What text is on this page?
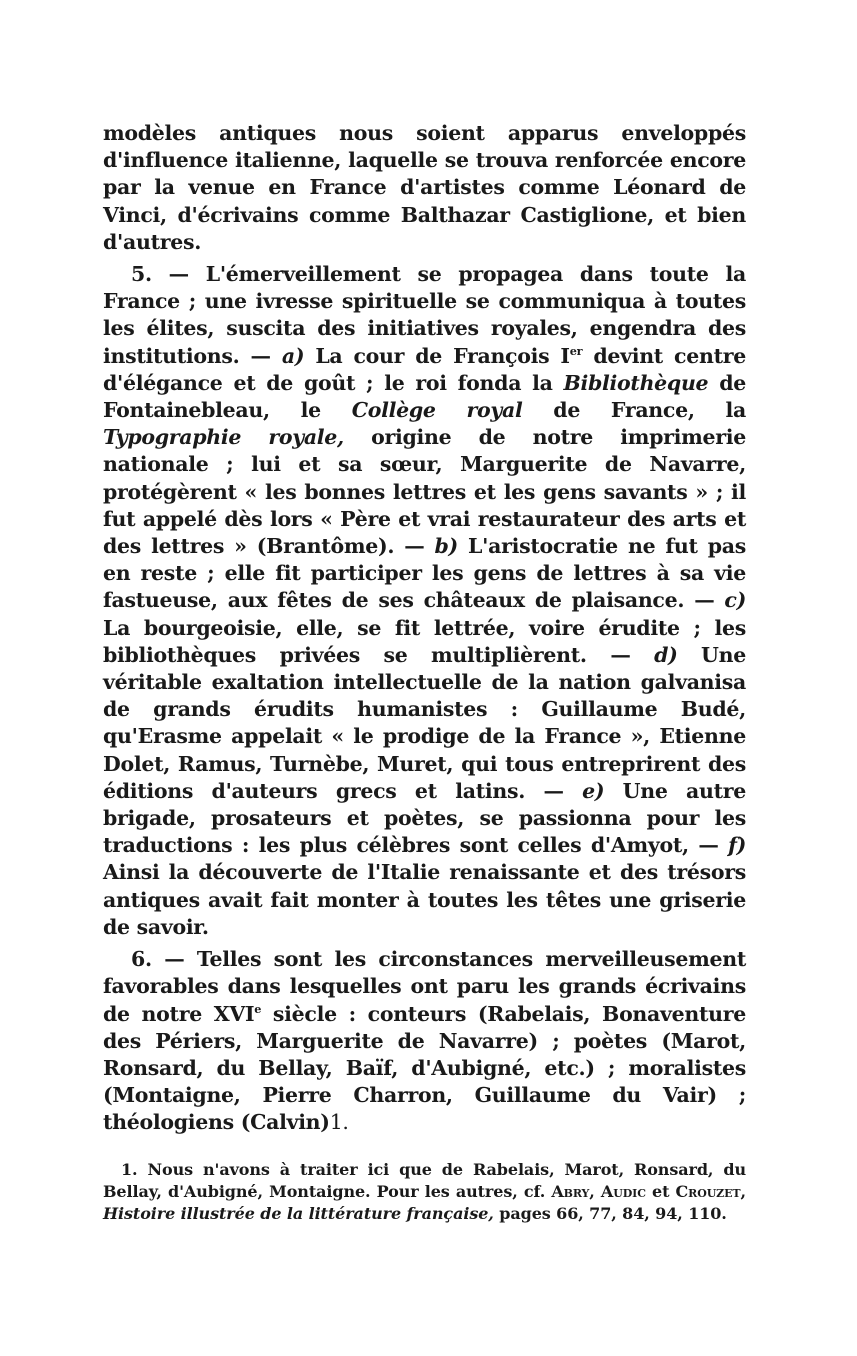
modèles antiques nous soient apparus enveloppés d'influence italienne, laquelle se trouva renforcée encore par la venue en France d'artistes comme Léonard de Vinci, d'écrivains comme Balthazar Castiglione, et bien d'autres.

5. — L'émerveillement se propagea dans toute la France ; une ivresse spirituelle se communiqua à toutes les élites, suscita des initiatives royales, engendra des institutions. — a) La cour de François Ier devint centre d'élégance et de goût ; le roi fonda la Bibliothèque de Fontainebleau, le Collège royal de France, la Typographie royale, origine de notre imprimerie nationale ; lui et sa sœur, Marguerite de Navarre, protégèrent « les bonnes lettres et les gens savants » ; il fut appelé dès lors « Père et vrai restaurateur des arts et des lettres » (Brantôme). — b) L'aristocratie ne fut pas en reste ; elle fit participer les gens de lettres à sa vie fastueuse, aux fêtes de ses châteaux de plaisance. — c) La bourgeoisie, elle, se fit lettrée, voire érudite ; les bibliothèques privées se multiplièrent. — d) Une véritable exaltation intellectuelle de la nation galvanisa de grands érudits humanistes : Guillaume Budé, qu'Erasme appelait « le prodige de la France », Etienne Dolet, Ramus, Turnèbe, Muret, qui tous entreprirent des éditions d'auteurs grecs et latins. — e) Une autre brigade, prosateurs et poètes, se passionna pour les traductions : les plus célèbres sont celles d'Amyot, — f) Ainsi la découverte de l'Italie renaissante et des trésors antiques avait fait monter à toutes les têtes une griserie de savoir.

6. — Telles sont les circonstances merveilleusement favorables dans lesquelles ont paru les grands écrivains de notre XVIe siècle : conteurs (Rabelais, Bonaventure des Périers, Marguerite de Navarre) ; poètes (Marot, Ronsard, du Bellay, Baïf, d'Aubigné, etc.) ; moralistes (Montaigne, Pierre Charron, Guillaume du Vair) ; théologiens (Calvin)1.

1. Nous n'avons à traiter ici que de Rabelais, Marot, Ronsard, du Bellay, d'Aubigné, Montaigne. Pour les autres, cf. Abry, Audic et Crouzet, Histoire illustrée de la littérature française, pages 66, 77, 84, 94, 110.
